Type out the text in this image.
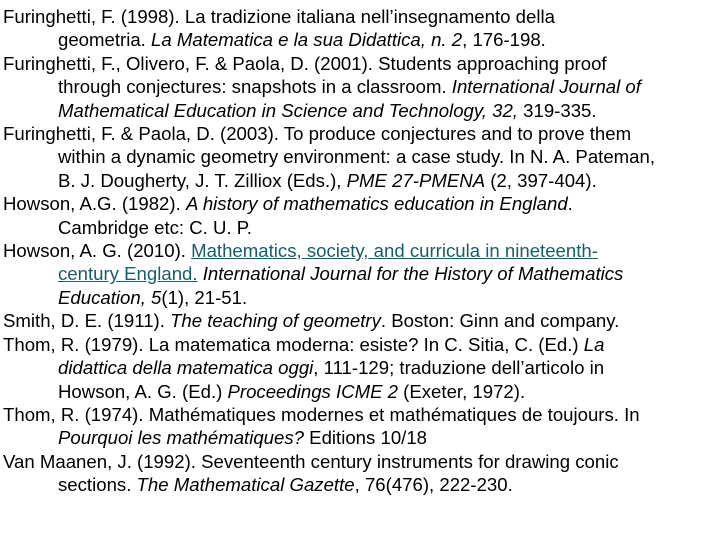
Furinghetti, F. (1998). La tradizione italiana nell’insegnamento della
geometria. La Matematica e la sua Didattica, n. 2, 176-198.

Furinghetti, F., Olivero, F. & Paola, D. (2001). Students approaching proof
through conjectures: snapshots in a classroom. International Journal of
Mathematical Education in Science and Technology, 32, 319-335.

Furinghetti, F. & Paola, D. (2003). To produce conjectures and to prove them
within a dynamic geometry environment: a case study. In N. A. Pateman,
B. J. Dougherty, J. T. Zilliox (Eds.), PME 27-PMENA (2, 397-404).

Howson, A.G. (1982). A history of mathematics education in England.
Cambridge etc: C. U. P.

Howson, A. G. (2010). Mathematics, society, and curricula in nineteenth-
century England. International Journal for the History of Mathematics
Education, 5(1), 21-51.

Smith, D. E. (1911). The teaching of geometry. Boston: Ginn and company.

Thom, R. (1979). La matematica moderna: esiste? In C. Sitia, C. (Ed.) La
didattica della matematica oggi, 111-129; traduzione dell’articolo in
Howson, A. G. (Ed.) Proceedings ICME 2 (Exeter, 1972).

Thom, R. (1974). Mathématiques modernes et mathématiques de toujours. In
Pourquoi les mathématiques? Editions 10/18

Van Maanen, J. (1992). Seventeenth century instruments for drawing conic
sections. The Mathematical Gazette, 76(476), 222-230.
